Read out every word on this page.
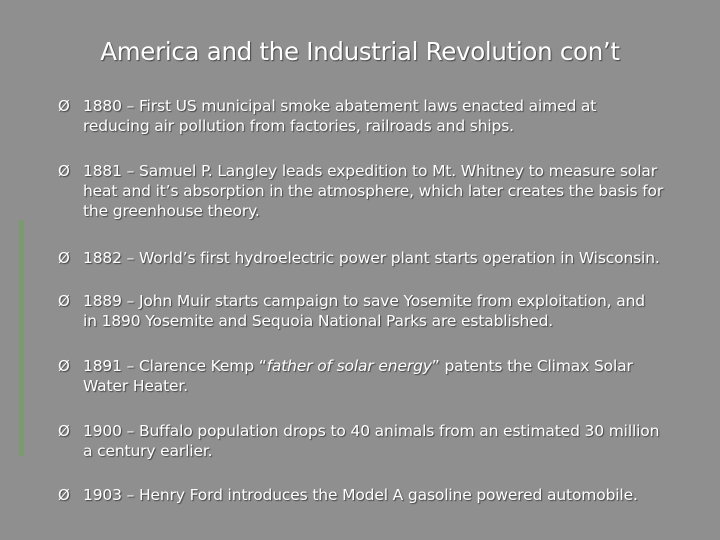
America and the Industrial Revolution con’t
Ø 1880 – First US municipal smoke abatement laws enacted aimed at
reducing air pollution from factories, railroads and ships.
Ø 1881 – Samuel P. Langley leads expedition to Mt. Whitney to measure solar
heat and it’s absorption in the atmosphere, which later creates the basis for
the greenhouse theory.
Ø 1882 – World’s first hydroelectric power plant starts operation in Wisconsin.
Ø 1889 – John Muir starts campaign to save Yosemite from exploitation, and
in 1890 Yosemite and Sequoia National Parks are established.
Ø 1891 – Clarence Kemp “father of solar energy” patents the Climax Solar
Water Heater.
Ø 1900 – Buffalo population drops to 40 animals from an estimated 30 million
a century earlier.
Ø 1903 – Henry Ford introduces the Model A gasoline powered automobile.
